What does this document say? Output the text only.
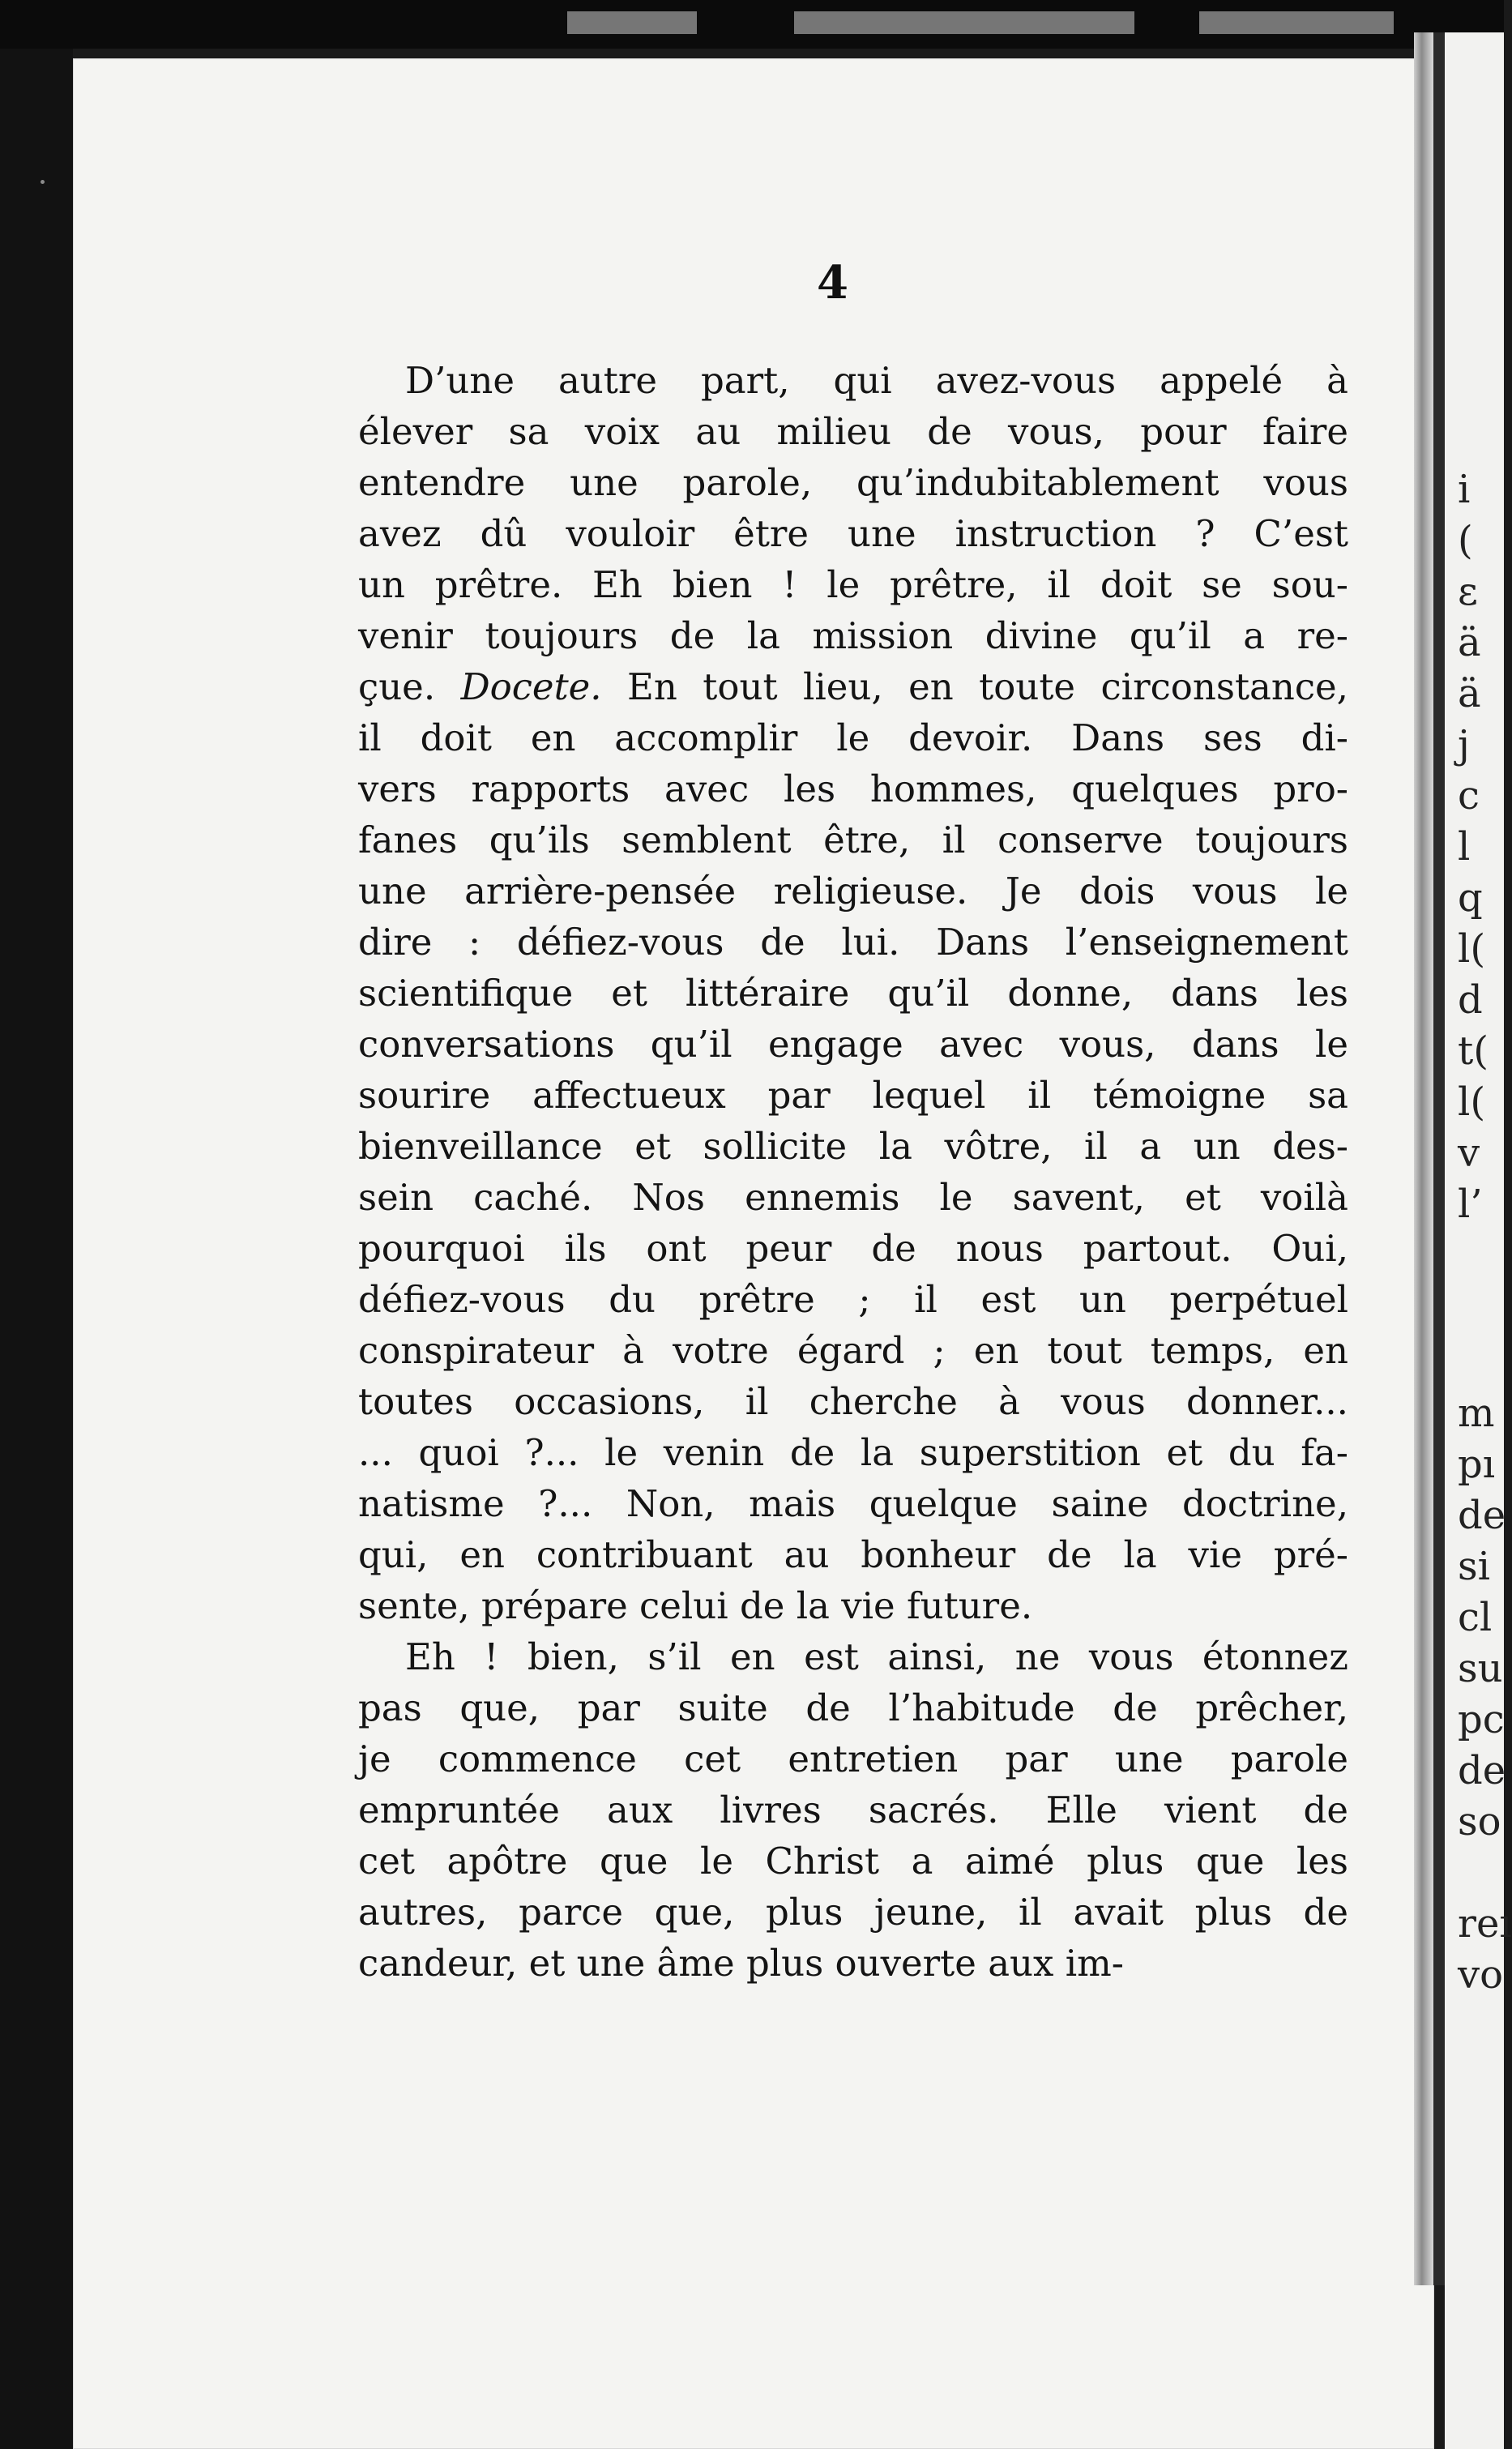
i
(
ɛ
ä
ä
j
c
l
q
l(
d
t(
l(
v
l’
m
pı
de
si
cl
su
pc
de
so
reı
vo
4
D’une autre part, qui avez-vous appelé à
élever sa voix au milieu de vous, pour faire
entendre une parole, qu’indubitablement vous
avez dû vouloir être une instruction ? C’est
un prêtre. Eh bien ! le prêtre, il doit se sou-
venir toujours de la mission divine qu’il a re-
çue. Docete. En tout lieu, en toute circonstance,
il doit en accomplir le devoir. Dans ses di-
vers rapports avec les hommes, quelques pro-
fanes qu’ils semblent être, il conserve toujours
une arrière-pensée religieuse. Je dois vous le
dire : défiez-vous de lui. Dans l’enseignement
scientifique et littéraire qu’il donne, dans les
conversations qu’il engage avec vous, dans le
sourire affectueux par lequel il témoigne sa
bienveillance et sollicite la vôtre, il a un des-
sein caché. Nos ennemis le savent, et voilà
pourquoi ils ont peur de nous partout. Oui,
défiez-vous du prêtre ; il est un perpétuel
conspirateur à votre égard ; en tout temps, en
toutes occasions, il cherche à vous donner...
... quoi ?... le venin de la superstition et du fa-
natisme ?... Non, mais quelque saine doctrine,
qui, en contribuant au bonheur de la vie pré-
sente, prépare celui de la vie future.
Eh ! bien, s’il en est ainsi, ne vous étonnez
pas que, par suite de l’habitude de prêcher,
je commence cet entretien par une parole
empruntée aux livres sacrés. Elle vient de
cet apôtre que le Christ a aimé plus que les
autres, parce que, plus jeune, il avait plus de
candeur, et une âme plus ouverte aux im-
